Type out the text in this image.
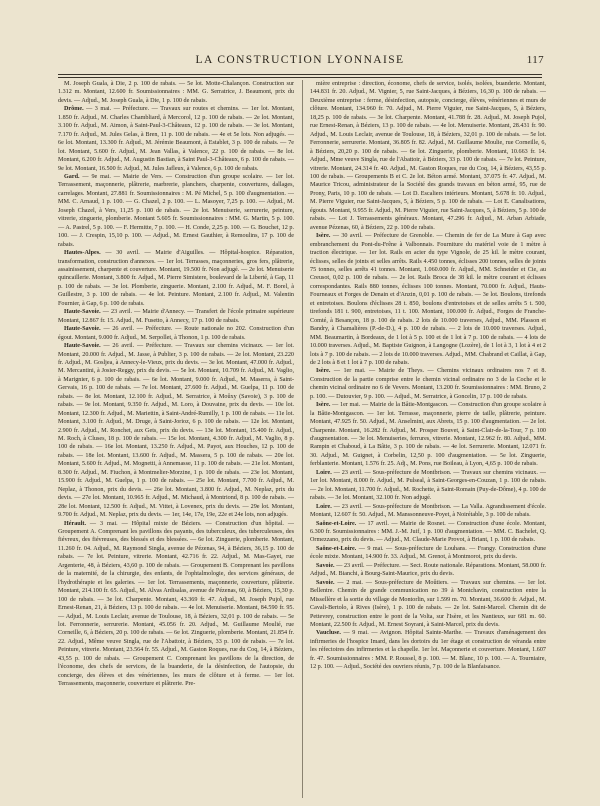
LA CONSTRUCTION LYONNAISE	117

M. Joseph Guala, à Die, 2 p. 100 de rabais. — 5e lot. Motte-Chalançon. Construction sur 1.312 m. Montant, 12.600 fr. Soumissionnaires : MM. G. Serratrice, J. Beaumont, prix du devis. — Adjud., M. Joseph Guala, à Die, 1 p. 100 de rabais.

Drôme. — 3 mai. — Préfecture. — Travaux sur routes et chemins. — 1er lot. Montant, 1.850 fr. Adjud., M. Charles Chambliard, à Mercorol, 12 p. 100 de rabais. — 2e lot. Montant, 3.100 fr. Adjud., M. Aimon, à Saint-Paul-3-Châteaux, 12 p. 100 de rabais. — 3e lot. Montant, 7.170 fr. Adjud., M. Jules Gelas, à Bren, 11 p. 100 de rabais. — 4e et 5e lots. Non adjugés. — 6e lot. Montant, 13.300 fr. Adjud., M. Jérémie Beaumont, à Establet, 3 p. 100 de rabais. — 7e lot. Montant, 5.600 fr. Adjud., M. Jean Vallas, à Valence, 22 p. 100 de rabais. — 8e lot. Montant, 6.200 fr. Adjud., M. Augustin Bastian, à Saint Paul-3-Châteaux, 6 p. 100 de rabais. — 9e lot. Montant, 16.500 fr. Adjud., M. Jules Jafleux, à Valence, 6 p. 100 de rabais.

Gard. — 9e mai. — Mairie de Vers. — Construction d'un groupe scolaire. — 1er lot. Terrassement, maçonnerie, plâtrerie, marbrerie, planchers, charpente, couvertures, dallages, carrelages. Montant, 27.881 fr. Soumissionnaires : M. Pé Michel, 5 p. 100 d'augmentation. — MM. C. Arnaud, 1 p. 100. — G. Chazel, 2 p. 100. — L. Masoyer, 7,25 p. 100. — Adjud., M. Joseph Chazel, à Vers, 11,25 p. 100 de rabais. — 2e lot. Menuiserie, serrurerie, peinture, vitrerie, zinguerie, plomberie. Montant 5.605 fr. Soumissionnaires : MM. G. Martin, 5 p. 100. — A. Pastrel, 5 p. 100. — F. Hermitte, 7 p. 100. — H. Conde, 2,25 p. 100. — G. Bouchet, 12 p. 100. — J. Crespin, 15,10 p. 100. — Adjud., M. Ernest Gauthier, à Remoulins, 17 p. 100 de rabais.

Hautes-Alpes. — 30 avril. — Mairie d'Aiguilles. — Hôpital-hospice. Réparation, transformation, construction d'annexes. — 1er lot. Terrasses, maçonneries, gros fers, plâtrerie, assainissement, charpente et couverture. Montant, 19.500 fr. Non adjugé. — 2e lot. Menuiserie quincaillerie. Montant, 3.800 fr. Adjud., M. Pierre Simistere, boulevard de la Liberté, à Gap, 11 p. 100 de rabais. — 3e lot. Plomberie, zinguerie. Montant, 2.100 fr. Adjud., M. F. Borel, à Guillestre, 3 p. 100 de rabais. — 4e lot. Peinture. Montant, 2.100 fr. Adjud., M. Valentin Fournier, à Gap, 6 p. 100 de rabais.

Haute-Savoie. — 23 avril. — Mairie d'Annecy. — Transfert de l'école primaire supérieure Montant, 12.867 fr. 15. Adjud., M. Fusetto, à Annecy, 17 p. 100 de rabais.

Haute-Savoie. — 26 avril. — Préfecture. — Route nationale no 202. Construction d'un égout. Montant, 9.000 fr. Adjud., M. Serpollet, à Thonon, 1 p. 100 de rabais.

Haute-Savoie. — 26 avril. — Préfecture. — Travaux sur chemins vicinaux. — 1er lot. Montant, 20.000 fr. Adjud., M. Jasse, à Publier, 3 p. 100 de rabais. — 2e lot. Montant, 23.220 fr. Adjud., M. Gosljea, à Annecy-le-Vieux, prix du devis. — 3e lot. Montant, 47.000 fr. Adjud., M. Mercantini, à Josier-Reggy, prix du devis. — 5e lot. Montant, 10.709 fr. Adjud., M. Vaglio, à Marignier, 6 p. 100 de rabais. — 6e lot. Montant, 9.000 fr. Adjud., M. Maserra, à Saint-Gervais, 16 p. 100 de rabais. — 7e lot. Montant, 27.600 fr. Adjud., M. Guelpa, 11 p. 100 de rabais. — 8e lot. Montant, 12.100 fr. Adjud., M. Serratrice, à Moûxy (Savoie), 3 p. 100 de rabais. — 9e lot. Montant, 9.350 fr. Adjud., M. Loro, à Douvaine, prix du devis. — 10e lot. Montant, 12.300 fr. Adjud., M. Mariettin, à Saint-André-Rumilly, 1 p. 100 de rabais. — 11e lot. Montant, 3.100 fr. Adjud., M. Druge, à Saint-Jorioz, 6 p. 100 de rabais. — 12e lot. Montant, 2.900 fr. Adjud., M. Ronchet, aux Gets, prix du devis. — 13e lot. Montant, 15.400 fr. Adjud., M. Roch, à Cluses, 18 p. 100 de rabais. — 15e lot. Montant, 4.300 fr. Adjud., M. Vaglio, 8 p. 100 de rabais. — 16e lot. Montant, 13.250 fr. Adjud., M. Payot, aux Houches, 12 p. 100 de rabais. — 18e lot. Montant, 13.600 fr. Adjud., M. Massera, 5 p. 100 de rabais. — 20e lot. Montant, 5.600 fr. Adjud., M. Mognetti, à Annemasse, 11 p. 100 de rabais. — 21e lot. Montant, 8.300 fr. Adjud., M. Fiuchon, à Montmelier-Morzine, 1 p. 100 de rabais. — 23e lot. Montant, 15.900 fr. Adjud., M. Guelpa, 1 p. 100 de rabais. — 25e lot. Montant, 7.700 fr. Adjud., M. Neplaz, à Thonon, prix du devis. — 26e lot. Montant, 3.800 fr. Adjud., M. Neplaz, prix du devis. — 27e lot. Montant, 10.965 fr. Adjud., M. Michaud, à Montriond, 8 p. 100 de rabais. — 28e lot. Montant, 12.500 fr. Adjud., M. Vittet, à Lovenex, prix du devis. — 29e lot. Montant, 9.700 fr. Adjud., M. Neplaz, prix du devis. — 1er, 14e, 17e, 19e, 22e et 24e lots, non adjugés.

Hérault. — 3 mai. — Hôpital mixte de Béziers. — Construction d'un hôpital. — Groupement A. Comprenant les pavillons des payants, des tuberculeux, des tuberculeuses, des fiévreux, des fiévreuses, des blessés et des blessées. — 6e lot. Zinguerie, plomberie. Montant, 11.260 fr. 04. Adjud., M. Raymond Singla, avenue de Pézenas, 94, à Béziers, 36,15 p. 100 de rabais. — 7e lot. Peinture, vitrerie. Montant, 42.716 fr. 22. Adjud., M. Mas-Gayet, rue Argenterie, 48, à Béziers, 43,60 p. 100 de rabais. — Groupement B. Comprenant les pavillons de la maternité, de la chirurgie, des enfants, de l'ophtalmologie, des services généraux, de l'hydrothérapie et les galeries. — 1er lot. Terrassements, maçonnerie, couverture, plâtrerie. Montant, 214.100 fr. 65. Adjud., M. Alvas Ardisalas, avenue de Pézenas, 60, à Béziers, 15,30 p. 100 de rabais. — 3e lot. Charpente. Montant, 43.369 fr. 47. Adjud., M. Joseph Pujol, rue Ernest-Renan, 21, à Béziers, 13 p. 100 de rabais. — 4e lot. Menuiserie. Montant, 84.590 fr. 95. — Adjud., M. Louis Leclair, avenue de Toulouse, 18, à Béziers, 32,01 p. 100 de rabais. — 5e lot. Ferronnerie, serrurerie. Montant, 45.056 fr. 20. Adjud., M. Guillaume Moulié, rue Corneille, 6, à Béziers, 20 p. 100 de rabais. — 6e lot. Zinguerie, plomberie. Montant, 21.854 fr. 22. Adjud., Même veuve Singla, rue de l'Abattoir, à Béziers, 33 p. 100 de rabais. — 7e lot. Peinture, vitrerie. Montant, 23.564 fr. 55. Adjud., M. Gaston Roques, rue du Coq, 14, à Béziers, 43,55 p. 100 de rabais. — Groupement C. Comprenant les pavillons de la direction, de l'économe, des chefs de services, de la buanderie, de la désinfection, de l'autopsie, du concierge, des élèves et des vénériennes, les murs de clôture et à ferme. — 1er lot. Terrassements, maçonnerie, couverture et plâtrerie. Pre-

mière entreprise : direction, économe, chefs de service, isolés, isolées, buanderie. Montant, 144.831 fr. 20. Adjud., M. Vignier, 5, rue Saint-Jacques, à Béziers, 16,30 p. 100 de rabais. — Deuxième entreprise : ferme, désinfection, autopsie, concierge, élèves, vénériennes et murs de clôture. Montant, 134.960 fr. 70. Adjud., M. Pierre Viguier, rue Saint-Jacques, 5, à Béziers, 18,25 p. 100 de rabais. — 3e lot. Charpente. Montant, 41.788 fr. 28. Adjud., M. Joseph Pujol, rue Ernest-Renan, à Béziers, 13 p. 100 de rabais. — 4e lot. Menuiserie. Montant, 28.431 fr. 90. Adjud., M. Louis Leclair, avenue de Toulouse, 18, à Béziers, 32,01 p. 100 de rabais. — 5e lot. Ferronnerie, serrurerie. Montant, 36.805 fr. 82. Adjud., M. Guillaume Moulie, rue Corneille, 6, à Béziers, 20,20 p. 100 de rabais. — 6e lot. Zinguerie, plomberie. Montant, 10.663 fr. 14. Adjud., Mme veuve Singla, rue de l'Abattoir, à Béziers, 33 p. 100 de rabais. — 7e lot. Peinture, vitrerie. Montant, 24.314 fr. 40. Adjud., M. Gaston Roques, rue du Coq, 14, à Béziers, 43,55 p. 100 de rabais. — Groupements B et C. 2e lot. Béton armé. Montant, 37.075 fr. 47. Adjud., M. Maurice Tricou, administrateur de la Société des grands travaux en béton armé, 95, rue de Prony, Paris, 10 p. 100 de rabais. — Lot D. Escaliers intérieurs. Montant, 5.678 fr. 10. Adjud., M. Pierre Viguier, rue Saint-Jacques, 5, à Béziers, 5 p. 100 de rabais. — Lot E. Canalisations, égouts. Montant, 9.955 fr. Adjud., M. Pierre Viguier, rue Saint-Jacques, 5, à Béziers, 5 p. 100 de rabais. — Lot J. Terrassements généraux. Montant, 47.296 fr. Adjud., M. Arban Arbiade, avenue Pézenas, 60, à Béziers, 22 p. 100 de rabais.

Isère. — 30 avril. — Préfecture de Grenoble. — Chemin de fer de La Mure à Gap avec embranchement du Pont-du-Frêne à Valbonnais. Fourniture du matériel voie de 1 mètre à traction électrique. — 1er lot. Rails en acier du type Vignole, de 25 kil. le mètre courant, éclisses, selles de joints et selles arrêts. Rails 4.450 tonnes, éclisses 200 tonnes, selles de joints 75 tonnes, selles arrêts 41 tonnes. Montant, 1.060.000 fr. Adjud., MM. Schneider et Cie, au Creusot, 0,02 p. 100 de rabais. — 2e lot. Rails Broca de 38 kil. le mètre courant et éclisses correspondantes. Rails 880 tonnes, éclisses 100 tonnes. Montant, 70.000 fr. Adjud., Hauts-Fourneaux et Forges de Denain et d'Anzin, 0,01 p. 100 de rabais. — 3e lot. Boulons, tirefonds et entretoises. Boulons d'éclisses 28 t. 850, boulons d'entretoises et de selles arrêts 5 t. 500, tirefonds 181 t. 900, entretoises, 11 t. 100. Montant, 100.000 fr. Adjud., Forges de Franche-Comté, à Besançon, 18 p. 100 de rabais. 2 lots de 10.000 traverses, Adjud., MM. Plasson et Bandry, à Chamalières (P.-de-D.), 4 p. 100 de rabais. — 2 lots de 10.000 traverses. Adjud., MM. Beaumartin, à Bordeaux, de 1 lot à 5 p. 100 et de 1 lot à 7 p. 100 de rabais. — 4 lots de 10.000 traverses. Adjud., M. Baptiste Guignon, à Langogne (Lozère), de 1 lot à 3, 1 lot à 4 et 2 lots à 7 p. 100 de rabais. — 2 lots de 10.000 traverses. Adjud., MM. Chabrand et Caillat, à Gap, de 2 lots à 8 et 1 lot à 7 p. 100 de rabais.

Isère. — 1er mai. — Mairie de Theys. — Chemins vicinaux ordinaires nos 7 et 8. Construction de la partie comprise entre le chemin vicinal ordinaire no 3 de la Coche et le chemin vicinal ordinaire no 6 de Vevers. Montant, 13.200 fr. Soumissionnaires : MM. Bruno, 2 p. 100. — Dutouvier, 9 p. 100. — Adjud., M. Serratrice, à Goncelin, 17 p. 100 de rabais.

Isère. — 1er mai. — Mairie de la Bâtie-Montgascon. — Construction d'un groupe scolaire à la Bâtie-Montgascon. — 1er lot. Terrasse, maçonnerie, pierre de taille, plâtrerie, peinture. Montant, 47.925 fr. 50. Adjud., M. Anselmini, aux Abrets, 15 p. 100 d'augmentation. — 2e lot. Charpente. Montant, 16.282 fr. Adjud., M. Prosper Bouvet, à Saint-Clair-de-la-Tour, 7 p. 100 d'augmentation. — 3e lot. Menuiseries, ferrures, vitrerie. Montant, 12.962 fr. 80. Adjud., MM. Rampin et Chaboud, à La Bâtie, 3 p. 100 de rabais. — 4e lot. Serrurerie. Montant, 12.071 fr. 30. Adjud., M. Guignet, à Corbelin, 12,50 p. 100 d'augmentation. — 5e lot. Zinguerie, ferblanterie. Montant, 1.576 fr. 25. Adj., M. Pons, rue Boileau, à Lyon, 4,65 p. 100 de rabais.

Loire. — 23 avril. — Sous-préfecture de Montbrison. — Travaux sur chemins vicinaux. — 1er lot. Montant, 8.000 fr. Adjud., M. Pulseal, à Saint-Georges-en-Couzan, 1 p. 100 de rabais. — 2e lot. Montant, 11.700 fr. Adjud., M. Rochette, à Saint-Romain (Puy-de-Dôme), 4 p. 100 de rabais. — 3e lot. Montant, 32.100 fr. Non adjugé.

Loire. — 23 avril. — Sous-préfecture de Montbrison. — La Valla. Agrandissement d'école. Montant, 12.607 fr. 50. Adjud., M. Manssonneuve-Poyet, à Noirétable, 3 p. 100 de rabais.

Saône-et-Loire. — 17 avril. — Mairie de Rosnet. — Construction d'une école. Montant, 6.300 fr. Soumissionnaires : MM. J.-M. Juif, 1 p. 100 d'augmentation. — MM. C. Bachelet, Q. Ormezzano, prix du devis. — Adjud., M. Claude-Marie Provot, à Briant, 1 p. 100 de rabais.

Saône-et-Loire. — 9 mai. — Sous-préfecture de Louhans. — Frangy. Construction d'une école mixte. Montant, 14.900 fr. 33. Adjud., M. Grenot, à Montmorot, prix du devis.

Savoie. — 23 avril. — Préfecture. — Sect. Route nationale. Réparations. Montant, 58.000 fr. Adjud., M. Bianchi, à Bourg-Saint-Maurice, prix du devis.

Savoie. — 2 mai. — Sous-préfecture de Moûtiers. — Travaux sur chemins. — 1er lot. Bellentre. Chemin de grande communication no 39 à Montchavin, construction entre la Missellère et la sortie du village de Montorlin, sur 1.599 m. 70. Montant, 36.600 fr. Adjud., M. Cavali-Bertolo, à Rives (Isère), 1 p. 100 de rabais. — 2e lot. Saint-Marcel. Chemin dit de Pettevrey, construction entre le pont de la Volta, sur l'Isère, et les Nantieux, sur 681 m. 60. Montant, 22.500 fr. Adjud., M. Ernest Soyrani, à Saint-Marcel, prix du devis.

Vaucluse. — 9 mai. — Avignon. Hôpital Sainte-Marthe. — Travaux d'aménagement des infirmeries de l'hospice Imard, dans les dortoirs du 1er étage et construction de véranda entre les réfectoires des infirmeries et la chapelle. 1er lot. Maçonnerie et couverture. Montant, 1.607 fr. 47. Soumissionnaires : MM. P. Roussel, 8 p. 100. — M. Blanc, 10 p. 100. — A. Tourniaire, 12 p. 100. — Adjud., Société des ouvriers réunis, 7 p. 100 de la Blanfaisance.
